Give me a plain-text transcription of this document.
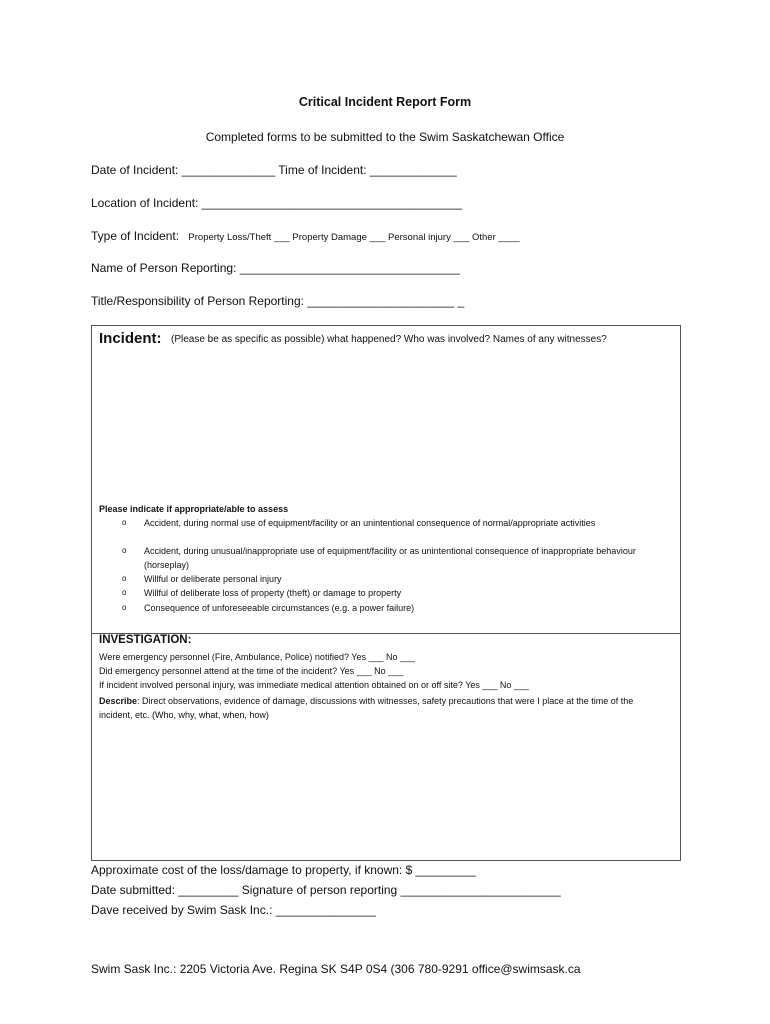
Critical Incident Report Form
Completed forms to be submitted to the Swim Saskatchewan Office
Date of Incident: ______________ Time of Incident: _____________
Location of Incident: _______________________________________
Type of Incident: Property Loss/Theft ___ Property Damage ___ Personal injury ___ Other ____
Name of Person Reporting: _________________________________
Title/Responsibility of Person Reporting: ______________________ _
Incident: (Please be as specific as possible) what happened? Who was involved? Names of any witnesses?
Please indicate if appropriate/able to assess
o Accident, during normal use of equipment/facility or an unintentional consequence of normal/appropriate activities
o Accident, during unusual/inappropriate use of equipment/facility or as unintentional consequence of inappropriate behaviour (horseplay)
o Willful or deliberate personal injury
o Willful of deliberate loss of property (theft) or damage to property
o Consequence of unforeseeable circumstances (e.g. a power failure)
INVESTIGATION:
Were emergency personnel (Fire, Ambulance, Police) notified? Yes ___ No ___
Did emergency personnel attend at the time of the incident? Yes ___ No ___
If incident involved personal injury, was immediate medical attention obtained on or off site? Yes ___ No ___
Describe: Direct observations, evidence of damage, discussions with witnesses, safety precautions that were I place at the time of the incident, etc. (Who, why, what, when, how)
Approximate cost of the loss/damage to property, if known: $ _________
Date submitted: _________ Signature of person reporting ________________________
Dave received by Swim Sask Inc.: _______________
Swim Sask Inc.: 2205 Victoria Ave. Regina SK S4P 0S4 (306 780-9291 office@swimsask.ca
